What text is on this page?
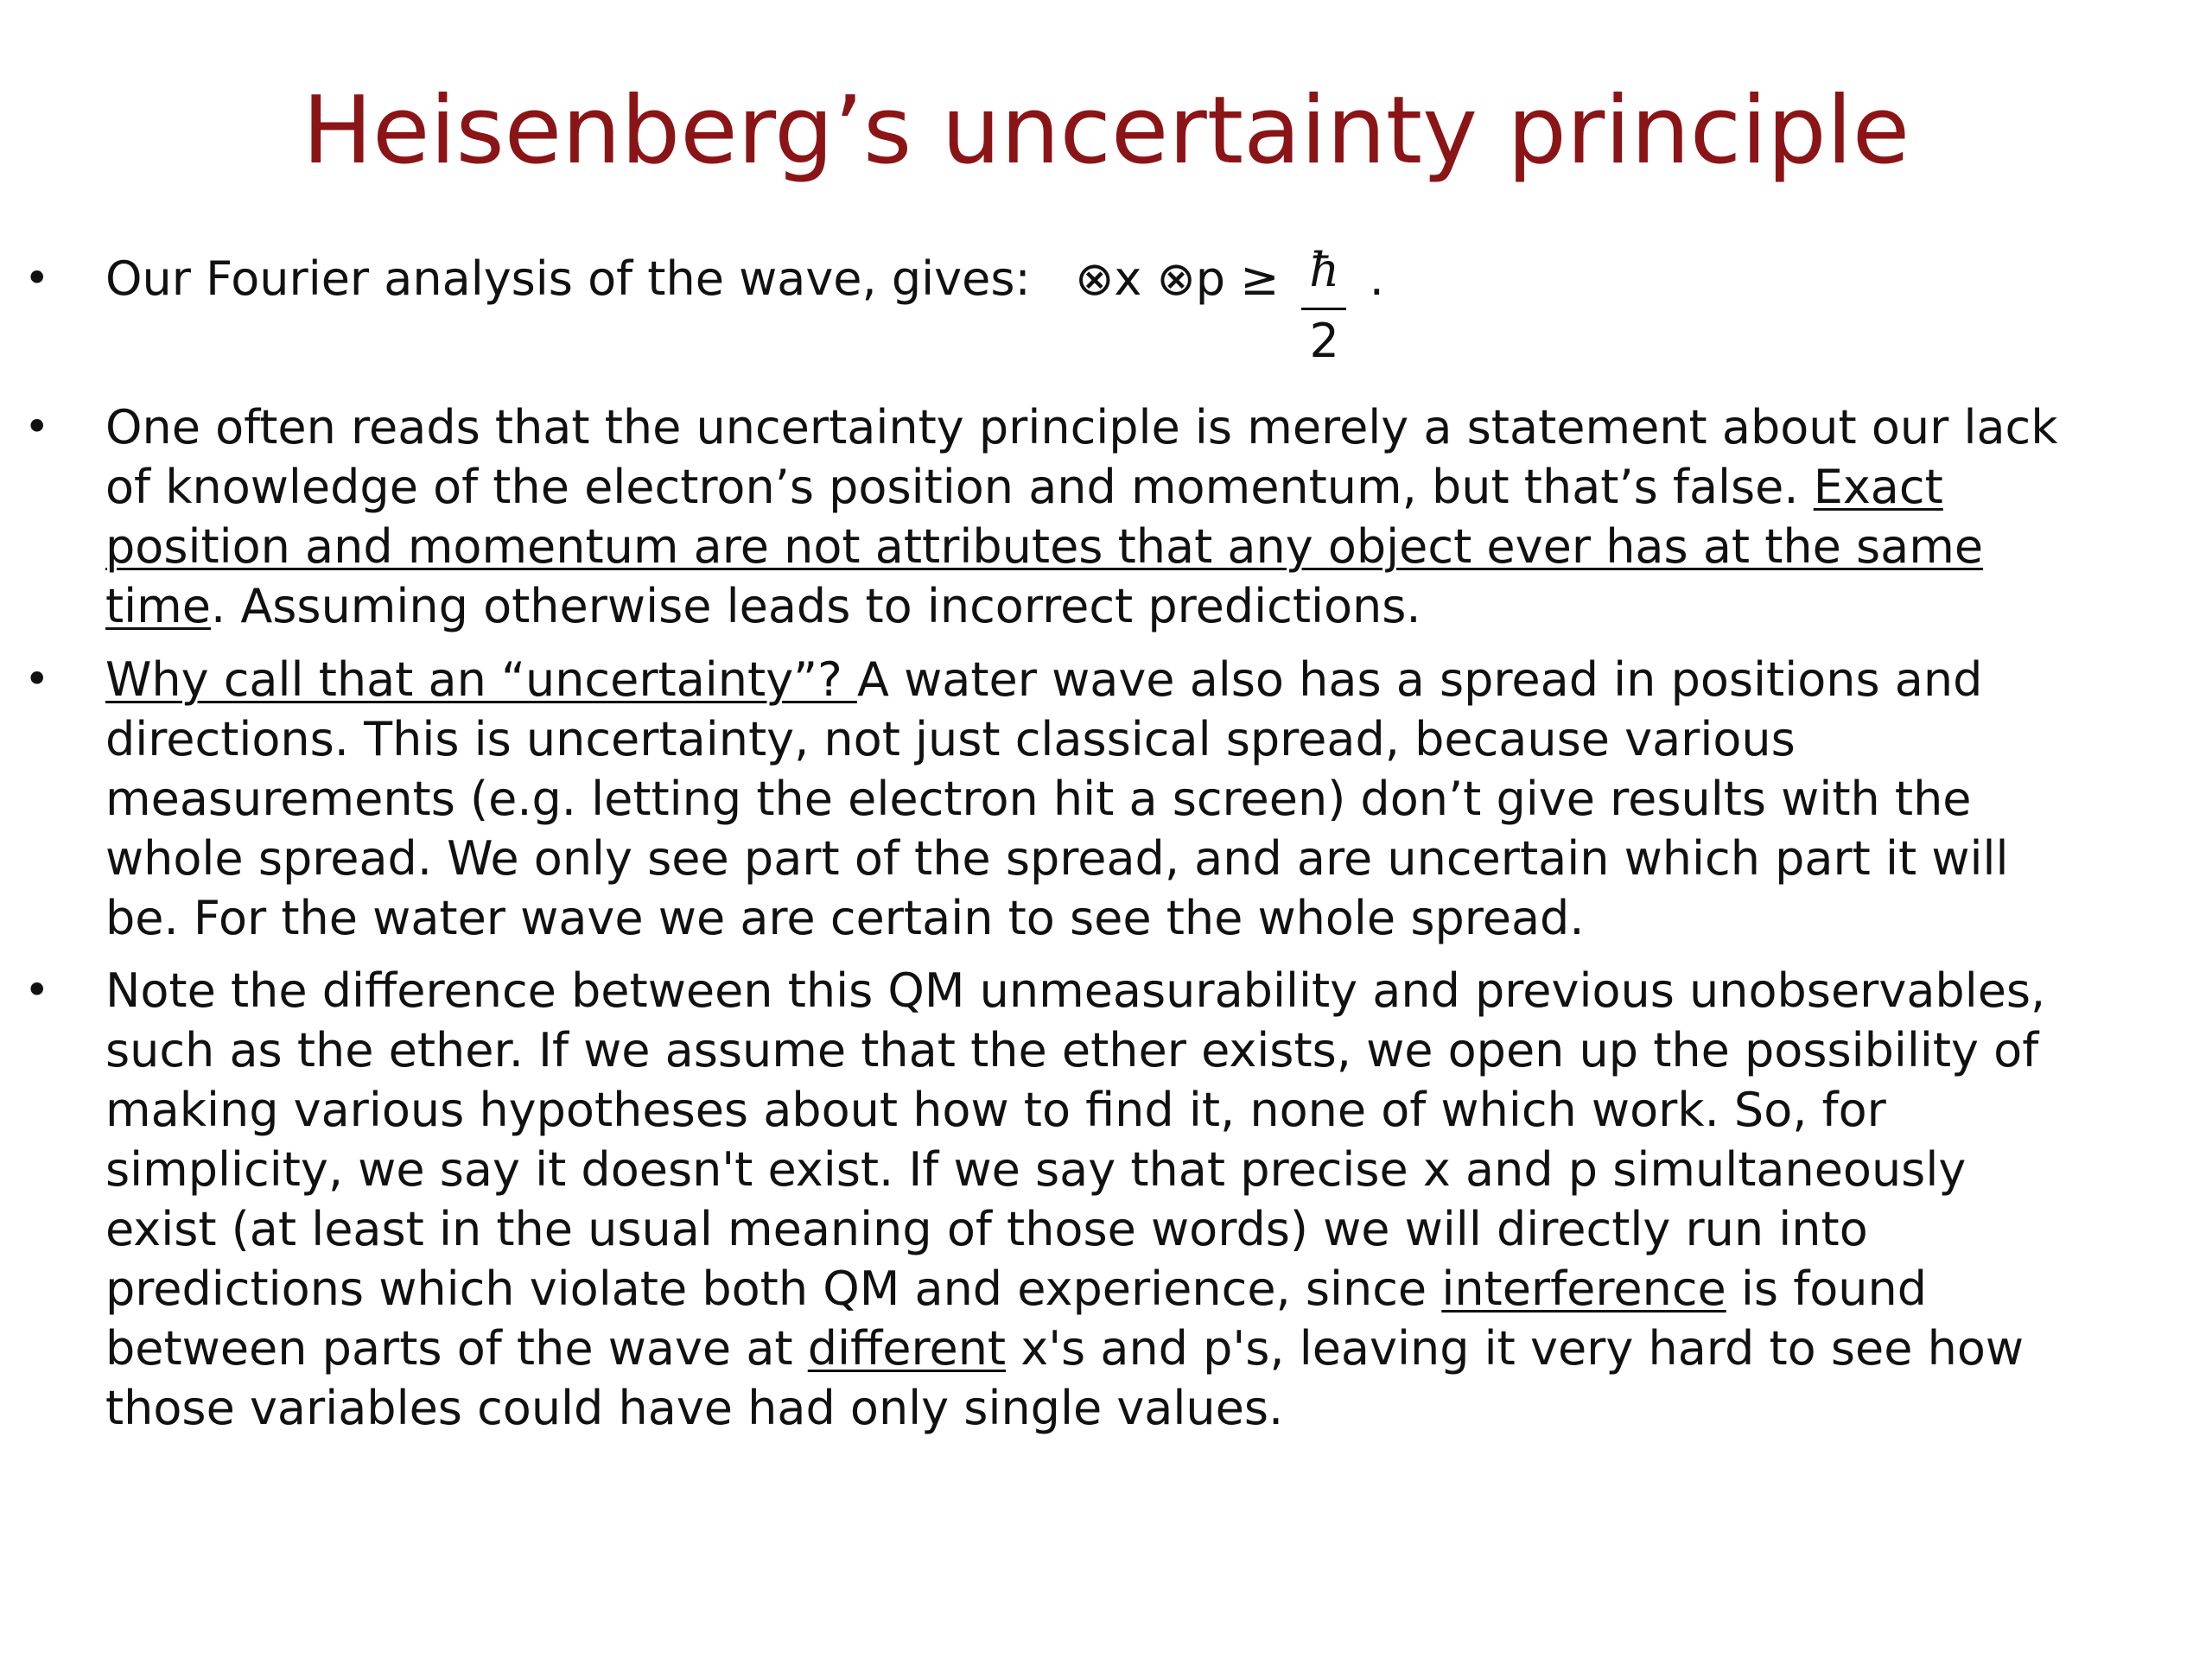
Heisenberg’s uncertainty principle
• Our Fourier analysis of the wave, gives: ⊗x ⊗p ≥ $\frac{ħ}{2}$ .
• One often reads that the uncertainty principle is merely a statement about our lack
of knowledge of the electron’s position and momentum, but that’s false. Exact
position and momentum are not attributes that any object ever has at the same
time. Assuming otherwise leads to incorrect predictions.
• Why call that an “uncertainty”? A water wave also has a spread in positions and
directions. This is uncertainty, not just classical spread, because various
measurements (e.g. letting the electron hit a screen) don’t give results with the
whole spread. We only see part of the spread, and are uncertain which part it will
be. For the water wave we are certain to see the whole spread.
• Note the difference between this QM unmeasurability and previous unobservables,
such as the ether. If we assume that the ether exists, we open up the possibility of
making various hypotheses about how to find it, none of which work. So, for
simplicity, we say it doesn't exist. If we say that precise x and p simultaneously
exist (at least in the usual meaning of those words) we will directly run into
predictions which violate both QM and experience, since interference is found
between parts of the wave at different x's and p's, leaving it very hard to see how
those variables could have had only single values.
